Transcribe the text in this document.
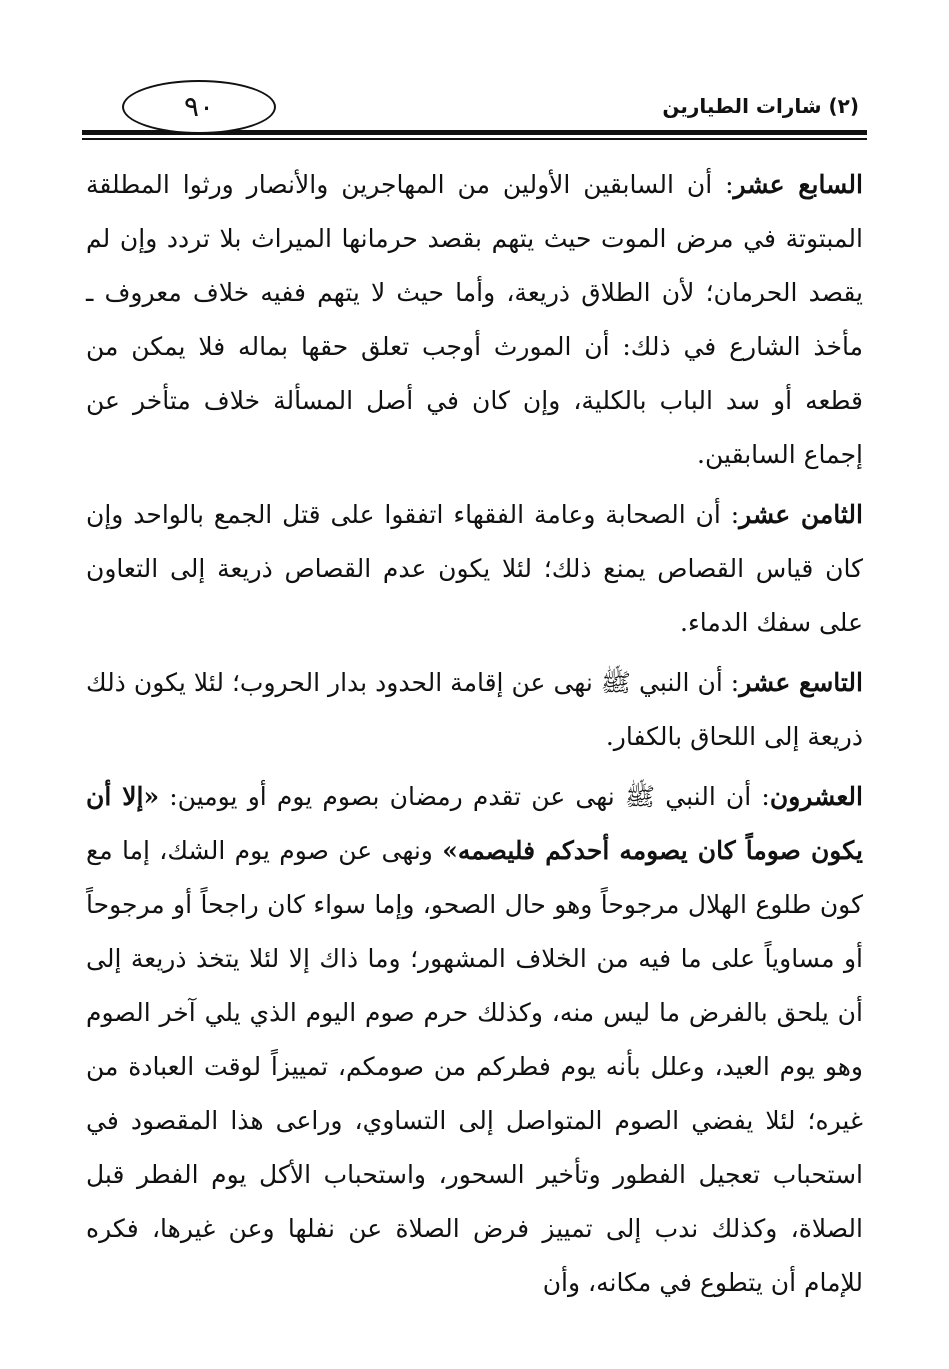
٩٠	(٢) شارات الطيارين

السابع عشر: أن السابقين الأولين من المهاجرين والأنصار ورثوا المطلقة المبتوتة في مرض الموت حيث يتهم بقصد حرمانها الميراث بلا تردد وإن لم يقصد الحرمان؛ لأن الطلاق ذريعة، وأما حيث لا يتهم ففيه خلاف معروف ـ مأخذ الشارع في ذلك: أن المورث أوجب تعلق حقها بماله فلا يمكن من قطعه أو سد الباب بالكلية، وإن كان في أصل المسألة خلاف متأخر عن إجماع السابقين.

الثامن عشر: أن الصحابة وعامة الفقهاء اتفقوا على قتل الجمع بالواحد وإن كان قياس القصاص يمنع ذلك؛ لئلا يكون عدم القصاص ذريعة إلى التعاون على سفك الدماء.

التاسع عشر: أن النبي ﷺ نهى عن إقامة الحدود بدار الحروب؛ لئلا يكون ذلك ذريعة إلى اللحاق بالكفار.

العشرون: أن النبي ﷺ نهى عن تقدم رمضان بصوم يوم أو يومين: «إلا أن يكون صوماً كان يصومه أحدكم فليصمه» ونهى عن صوم يوم الشك، إما مع كون طلوع الهلال مرجوحاً وهو حال الصحو، وإما سواء كان راجحاً أو مرجوحاً أو مساوياً على ما فيه من الخلاف المشهور؛ وما ذاك إلا لئلا يتخذ ذريعة إلى أن يلحق بالفرض ما ليس منه، وكذلك حرم صوم اليوم الذي يلي آخر الصوم وهو يوم العيد، وعلل بأنه يوم فطركم من صومكم، تمييزاً لوقت العبادة من غيره؛ لئلا يفضي الصوم المتواصل إلى التساوي، وراعى هذا المقصود في استحباب تعجيل الفطور وتأخير السحور، واستحباب الأكل يوم الفطر قبل الصلاة، وكذلك ندب إلى تمييز فرض الصلاة عن نفلها وعن غيرها، فكره للإمام أن يتطوع في مكانه، وأن
